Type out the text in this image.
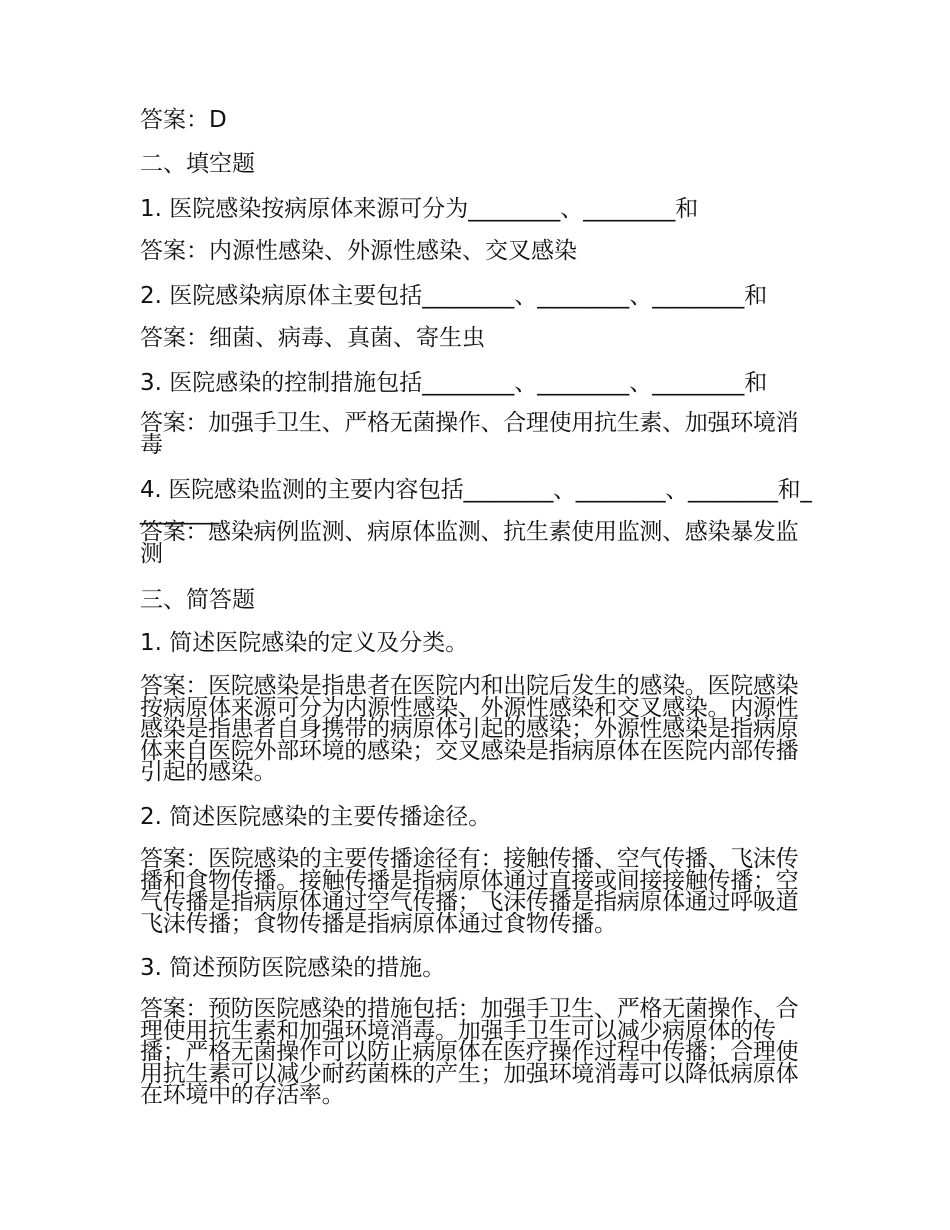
答案：D
二、填空题
1. 医院感染按病原体来源可分为________、________和
答案：内源性感染、外源性感染、交叉感染
2. 医院感染病原体主要包括________、________、________和
答案：细菌、病毒、真菌、寄生虫
3. 医院感染的控制措施包括________、________、________和
答案：加强手卫生、严格无菌操作、合理使用抗生素、加强环境消毒
4. 医院感染监测的主要内容包括________、________、________和________
答案：感染病例监测、病原体监测、抗生素使用监测、感染暴发监测
三、简答题
1. 简述医院感染的定义及分类。
答案：医院感染是指患者在医院内和出院后发生的感染。医院感染按病原体来源可分为内源性感染、外源性感染和交叉感染。内源性感染是指患者自身携带的病原体引起的感染；外源性感染是指病原体来自医院外部环境的感染；交叉感染是指病原体在医院内部传播引起的感染。
2. 简述医院感染的主要传播途径。
答案：医院感染的主要传播途径有：接触传播、空气传播、飞沫传播和食物传播。接触传播是指病原体通过直接或间接接触传播；空气传播是指病原体通过空气传播；飞沫传播是指病原体通过呼吸道飞沫传播；食物传播是指病原体通过食物传播。
3. 简述预防医院感染的措施。
答案：预防医院感染的措施包括：加强手卫生、严格无菌操作、合理使用抗生素和加强环境消毒。加强手卫生可以减少病原体的传播；严格无菌操作可以防止病原体在医疗操作过程中传播；合理使用抗生素可以减少耐药菌株的产生；加强环境消毒可以降低病原体在环境中的存活率。
